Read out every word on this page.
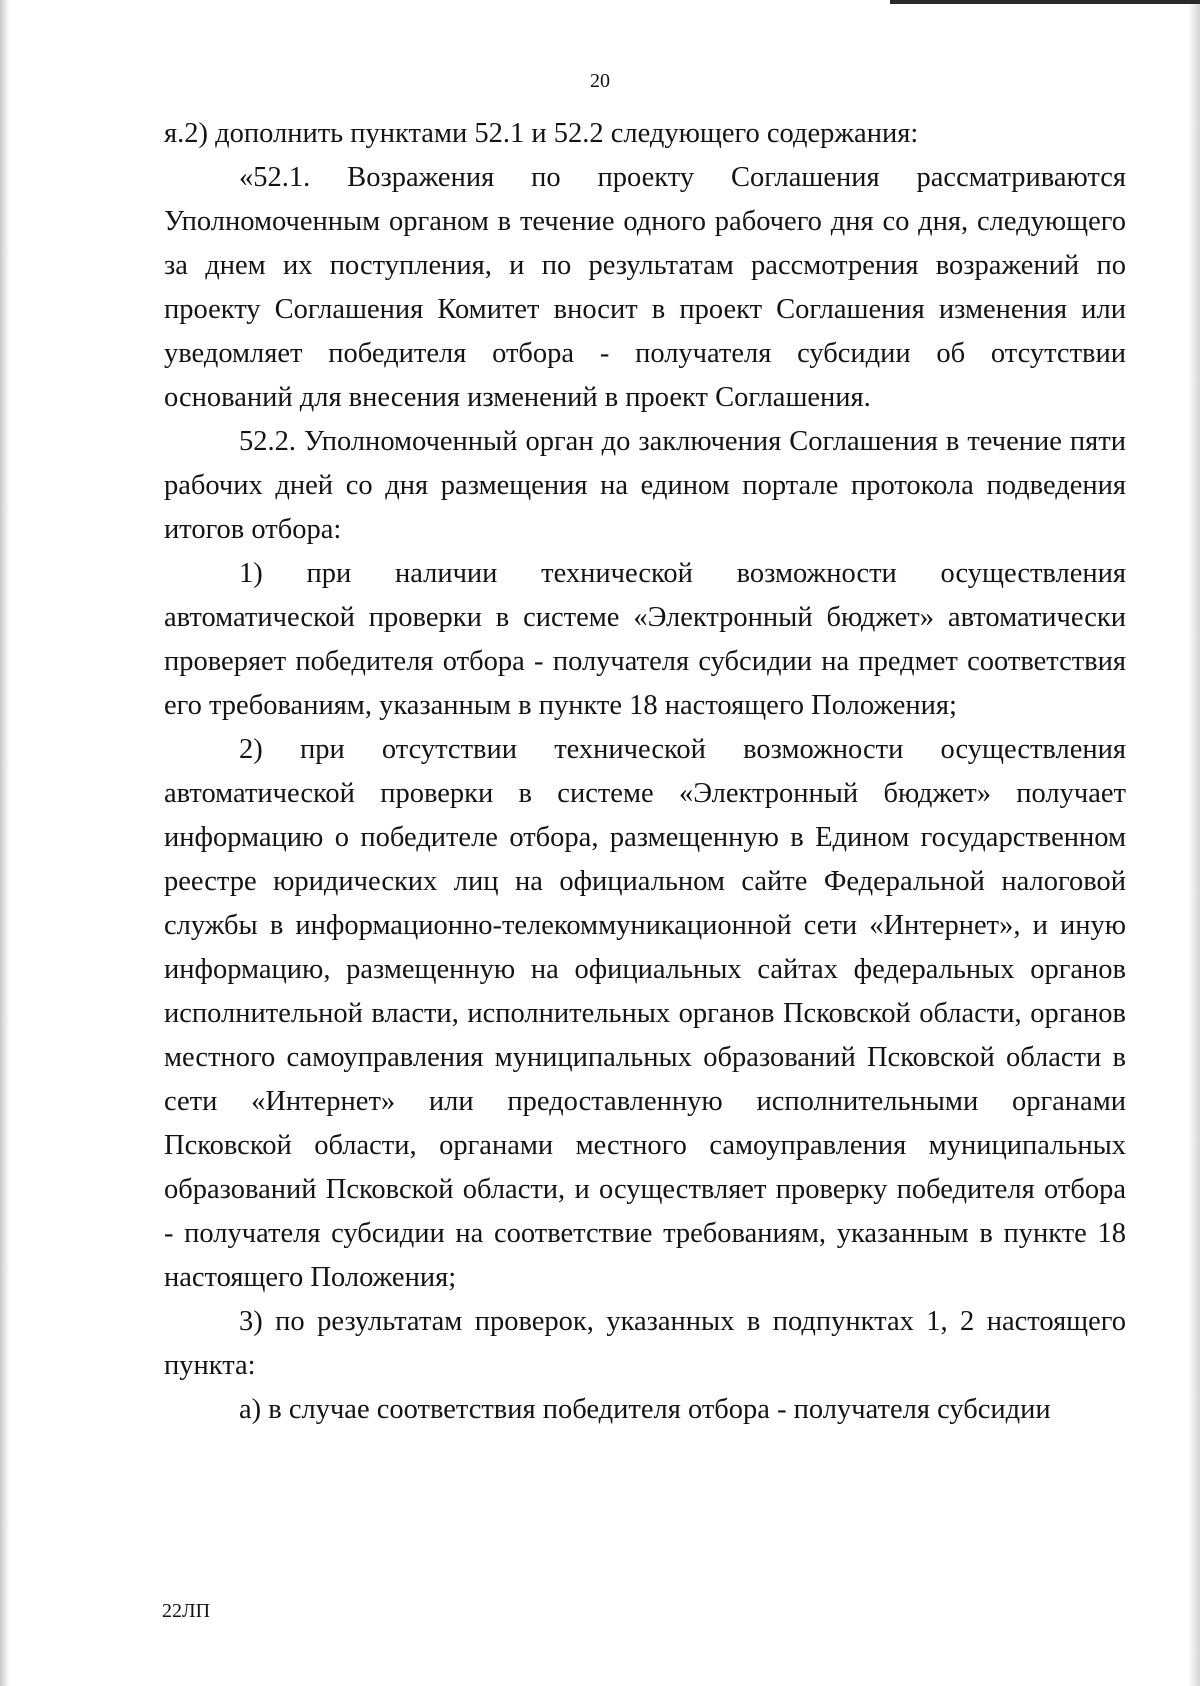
20

я.2) дополнить пунктами 52.1 и 52.2 следующего содержания:

«52.1. Возражения по проекту Соглашения рассматриваются Уполномоченным органом в течение одного рабочего дня со дня, следующего за днем их поступления, и по результатам рассмотрения возражений по проекту Соглашения Комитет вносит в проект Соглашения изменения или уведомляет победителя отбора - получателя субсидии об отсутствии оснований для внесения изменений в проект Соглашения.

52.2. Уполномоченный орган до заключения Соглашения в течение пяти рабочих дней со дня размещения на едином портале протокола подведения итогов отбора:

1) при наличии технической возможности осуществления автоматической проверки в системе «Электронный бюджет» автоматически проверяет победителя отбора - получателя субсидии на предмет соответствия его требованиям, указанным в пункте 18 настоящего Положения;

2) при отсутствии технической возможности осуществления автоматической проверки в системе «Электронный бюджет» получает информацию о победителе отбора, размещенную в Едином государственном реестре юридических лиц на официальном сайте Федеральной налоговой службы в информационно-телекоммуникационной сети «Интернет», и иную информацию, размещенную на официальных сайтах федеральных органов исполнительной власти, исполнительных органов Псковской области, органов местного самоуправления муниципальных образований Псковской области в сети «Интернет» или предоставленную исполнительными органами Псковской области, органами местного самоуправления муниципальных образований Псковской области, и осуществляет проверку победителя отбора - получателя субсидии на соответствие требованиям, указанным в пункте 18 настоящего Положения;

3) по результатам проверок, указанных в подпунктах 1, 2 настоящего пункта:

а) в случае соответствия победителя отбора - получателя субсидии

22ЛП
